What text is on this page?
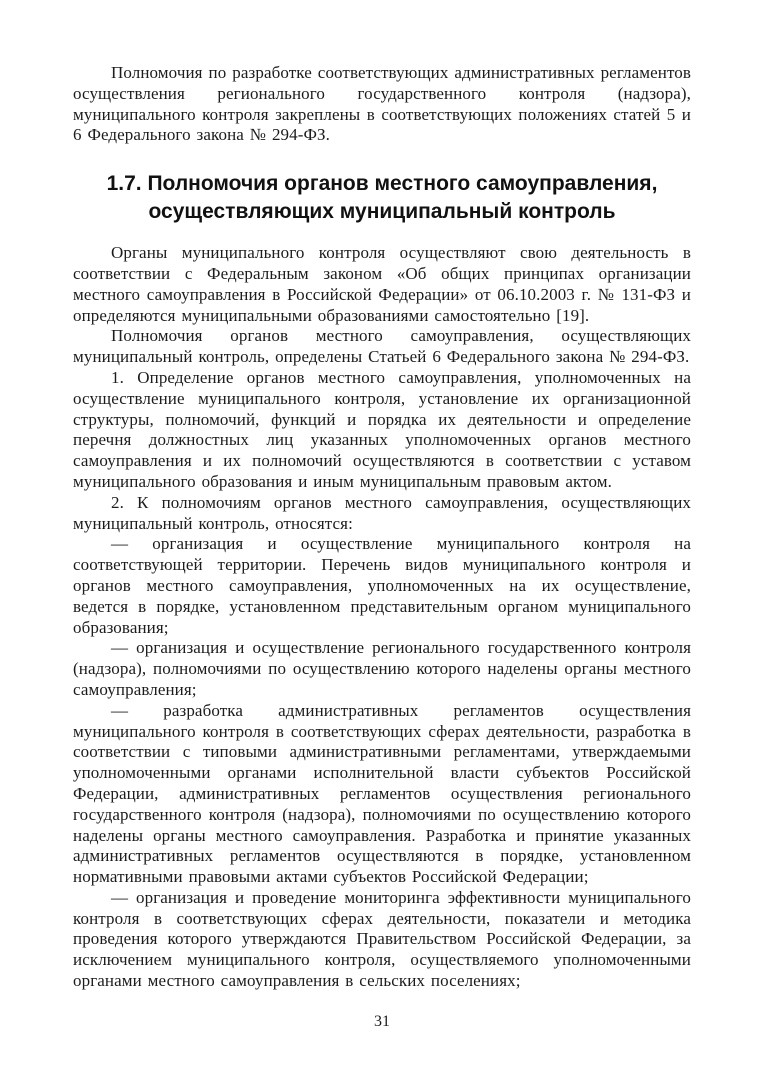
Полномочия по разработке соответствующих административных регламентов осуществления регионального государственного контроля (надзора), муниципального контроля закреплены в соответствующих положениях статей 5 и 6 Федерального закона № 294-ФЗ.

1.7. Полномочия органов местного самоуправления, осуществляющих муниципальный контроль

Органы муниципального контроля осуществляют свою деятельность в соответствии с Федеральным законом «Об общих принципах организации местного самоуправления в Российской Федерации» от 06.10.2003 г. № 131-ФЗ и определяются муниципальными образованиями самостоятельно [19].

Полномочия органов местного самоуправления, осуществляющих муниципальный контроль, определены Статьей 6 Федерального закона № 294-ФЗ.

1. Определение органов местного самоуправления, уполномоченных на осуществление муниципального контроля, установление их организационной структуры, полномочий, функций и порядка их деятельности и определение перечня должностных лиц указанных уполномоченных органов местного самоуправления и их полномочий осуществляются в соответствии с уставом муниципального образования и иным муниципальным правовым актом.

2. К полномочиям органов местного самоуправления, осуществляющих муниципальный контроль, относятся:

— организация и осуществление муниципального контроля на соответствующей территории. Перечень видов муниципального контроля и органов местного самоуправления, уполномоченных на их осуществление, ведется в порядке, установленном представительным органом муниципального образования;

— организация и осуществление регионального государственного контроля (надзора), полномочиями по осуществлению которого наделены органы местного самоуправления;

— разработка административных регламентов осуществления муниципального контроля в соответствующих сферах деятельности, разработка в соответствии с типовыми административными регламентами, утверждаемыми уполномоченными органами исполнительной власти субъектов Российской Федерации, административных регламентов осуществления регионального государственного контроля (надзора), полномочиями по осуществлению которого наделены органы местного самоуправления. Разработка и принятие указанных административных регламентов осуществляются в порядке, установленном нормативными правовыми актами субъектов Российской Федерации;

— организация и проведение мониторинга эффективности муниципального контроля в соответствующих сферах деятельности, показатели и методика проведения которого утверждаются Правительством Российской Федерации, за исключением муниципального контроля, осуществляемого уполномоченными органами местного самоуправления в сельских поселениях;

31
